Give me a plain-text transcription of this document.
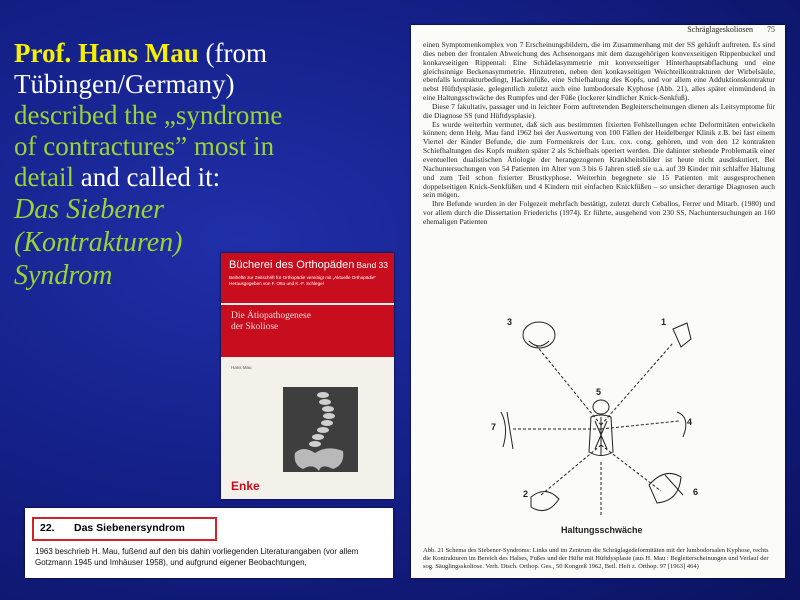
Prof. Hans Mau (from
Tübingen/Germany)
described the „syndrome
of contractures” most in
detail and called it:
Das Siebener
(Kontrakturen)
Syndrom
Schräglageskoliosen 75

einen Symptomenkomplex von 7 Erscheinungsbildern, die im Zusammenhang mit der SS gehäuft auftreten. Es sind dies neben der frontalen Abweichung des Achsenorgans mit dem dazugehörigen konvexseitigen Rippenbuckel und konkavseitigen Rippental: Eine Schädelasymmetrie mit konvexseitiger Hinterhauptsabflachung und eine gleichsinnige Beckenasymmetrie. Hinzutreten, neben den konkavseitigen Weichteilkontrakturen der Wirbelsäule, ebenfalls kontrakturbedingt, Hackenfüße, eine Schiefhaltung des Kopfs, und vor allem eine Adduktionskontraktur nebst Hüftdysplasie, gelegentlich zuletzt auch eine lumbodorsale Kyphose (Abb. 21), alles später einmündend in eine Haltungsschwäche des Rumpfes und der Füße (lockerer kindlicher Knick-Senkfuß).

Diese 7 fakultativ, passager und in leichter Form auftretenden Begleiterscheinungen dienen als Leitsymptome für die Diagnose SS (und Hüftdysplasie).

Es wurde weiterhin vermutet, daß sich aus bestimmten fixierten Fehlstellungen echte Deformitäten entwickeln können; denn Helg. Mau fand 1962 bei der Auswertung von 100 Fällen der Heidelberger Klinik z.B. bei fast einem Viertel der Kinder Befunde, die zum Formenkreis der Lux. cox. cong. gehören, und von den 12 kontrakten Schiefhaltungen des Kopfs mußten später 2 als Schiefhals operiert werden. Die dahinter stehende Problematik einer eventuellen dualistischen Ätiologie der herangezogenen Krankheitsbilder ist heute nicht ausdiskutiert. Bei Nachuntersuchungen von 54 Patienten im Alter von 3 bis 6 Jahren stieß sie u.a. auf 39 Kinder mit schlaffer Haltung und zum Teil schon fixierter Brustkyphose. Weiterhin begegnete sie 15 Patienten mit ausgesprochenen doppelseitigen Knick-Senkfüßen und 4 Kindern mit einfachen Knickfüßen – so unsicher derartige Diagnosen auch sein mögen.

Ihre Befunde wurden in der Folgezeit mehrfach bestätigt, zuletzt durch Ceballos, Ferrer und Mitarb. (1980) und vor allem durch die Dissertation Friederichs (1974). Er führte, ausgehend von 230 SS, Nachuntersuchungen an 160 ehemaligen Patienten

3	1
7	4
5
2	6
Haltungsschwäche
Abb. 21 Schema des Siebener-Syndroms: Links und im Zentrum die Schräglagedeformitäten mit der lumbodorsalen Kyphose, rechts die Kontrakturen im Bereich des Halses, Fußes und der Hüfte mit Hüftdysplasie (aus H. Mau : Begleiterscheinungen und Verlauf der sog. Säuglingsskoliose. Verh. Dtsch. Orthop. Ges., 50 Kongreß 1962, Beil. Heft z. Orthop. 97 [1963] 464)
Bücherei des Orthopäden Band 33
Beihefte zur Zeitschrift für Orthopädie vereinigt mit „Aktuelle Orthopädie“ Herausgegeben von F. Otto und K.-F. Schlegel
Die Ätiopathogenese
der Skoliose
Hans Mau
Enke
22. Das Siebenersyndrom
1963 beschrieb H. Mau, fußend auf den bis dahin vorliegenden Literaturangaben (vor allem Gotzmann 1945 und Imhäuser 1958), und aufgrund eigener Beobachtungen,
